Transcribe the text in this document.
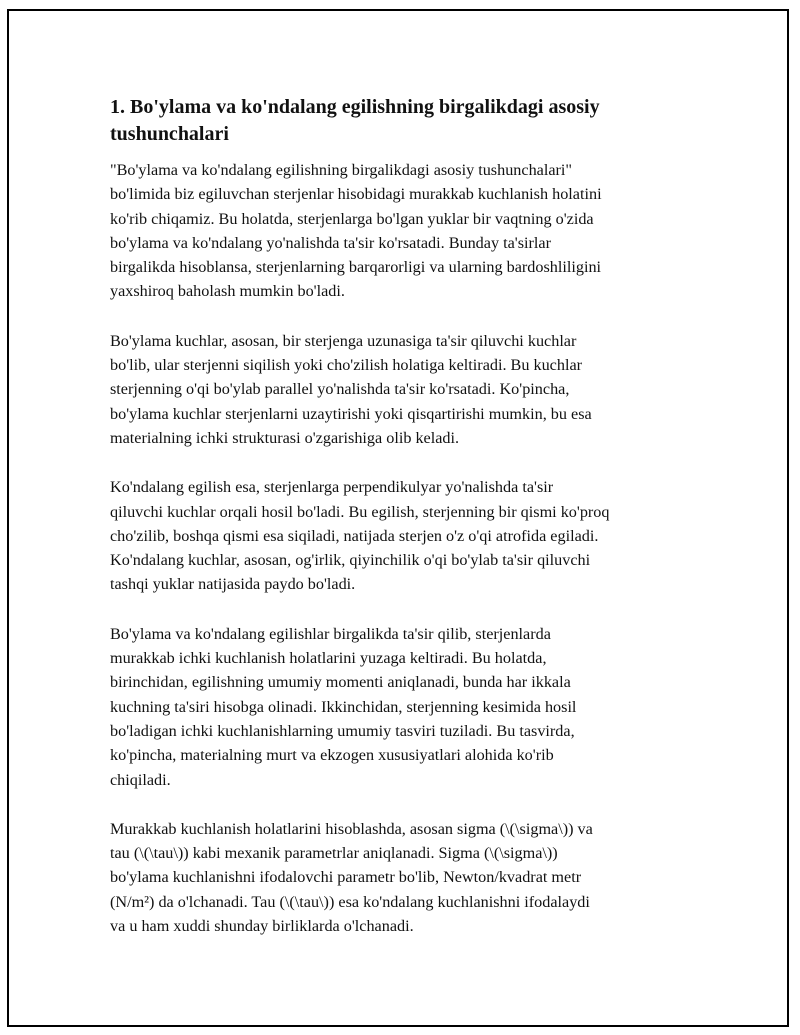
1. Bo'ylama va ko'ndalang egilishning birgalikdagi asosiy
tushunchalari

"Bo'ylama va ko'ndalang egilishning birgalikdagi asosiy tushunchalari"
bo'limida biz egiluvchan sterjenlar hisobidagi murakkab kuchlanish holatini
ko'rib chiqamiz. Bu holatda, sterjenlarga bo'lgan yuklar bir vaqtning o'zida
bo'ylama va ko'ndalang yo'nalishda ta'sir ko'rsatadi. Bunday ta'sirlar
birgalikda hisoblansa, sterjenlarning barqarorligi va ularning bardoshliligini
yaxshiroq baholash mumkin bo'ladi.

Bo'ylama kuchlar, asosan, bir sterjenga uzunasiga ta'sir qiluvchi kuchlar
bo'lib, ular sterjenni siqilish yoki cho'zilish holatiga keltiradi. Bu kuchlar
sterjenning o'qi bo'ylab parallel yo'nalishda ta'sir ko'rsatadi. Ko'pincha,
bo'ylama kuchlar sterjenlarni uzaytirishi yoki qisqartirishi mumkin, bu esa
materialning ichki strukturasi o'zgarishiga olib keladi.

Ko'ndalang egilish esa, sterjenlarga perpendikulyar yo'nalishda ta'sir
qiluvchi kuchlar orqali hosil bo'ladi. Bu egilish, sterjenning bir qismi ko'proq
cho'zilib, boshqa qismi esa siqiladi, natijada sterjen o'z o'qi atrofida egiladi.
Ko'ndalang kuchlar, asosan, og'irlik, qiyinchilik o'qi bo'ylab ta'sir qiluvchi
tashqi yuklar natijasida paydo bo'ladi.

Bo'ylama va ko'ndalang egilishlar birgalikda ta'sir qilib, sterjenlarda
murakkab ichki kuchlanish holatlarini yuzaga keltiradi. Bu holatda,
birinchidan, egilishning umumiy momenti aniqlanadi, bunda har ikkala
kuchning ta'siri hisobga olinadi. Ikkinchidan, sterjenning kesimida hosil
bo'ladigan ichki kuchlanishlarning umumiy tasviri tuziladi. Bu tasvirda,
ko'pincha, materialning murt va ekzogen xususiyatlari alohida ko'rib
chiqiladi.

Murakkab kuchlanish holatlarini hisoblashda, asosan sigma (\(\sigma\)) va
tau (\(\tau\)) kabi mexanik parametrlar aniqlanadi. Sigma (\(\sigma\))
bo'ylama kuchlanishni ifodalovchi parametr bo'lib, Newton/kvadrat metr
(N/m²) da o'lchanadi. Tau (\(\tau\)) esa ko'ndalang kuchlanishni ifodalaydi
va u ham xuddi shunday birliklarda o'lchanadi.
